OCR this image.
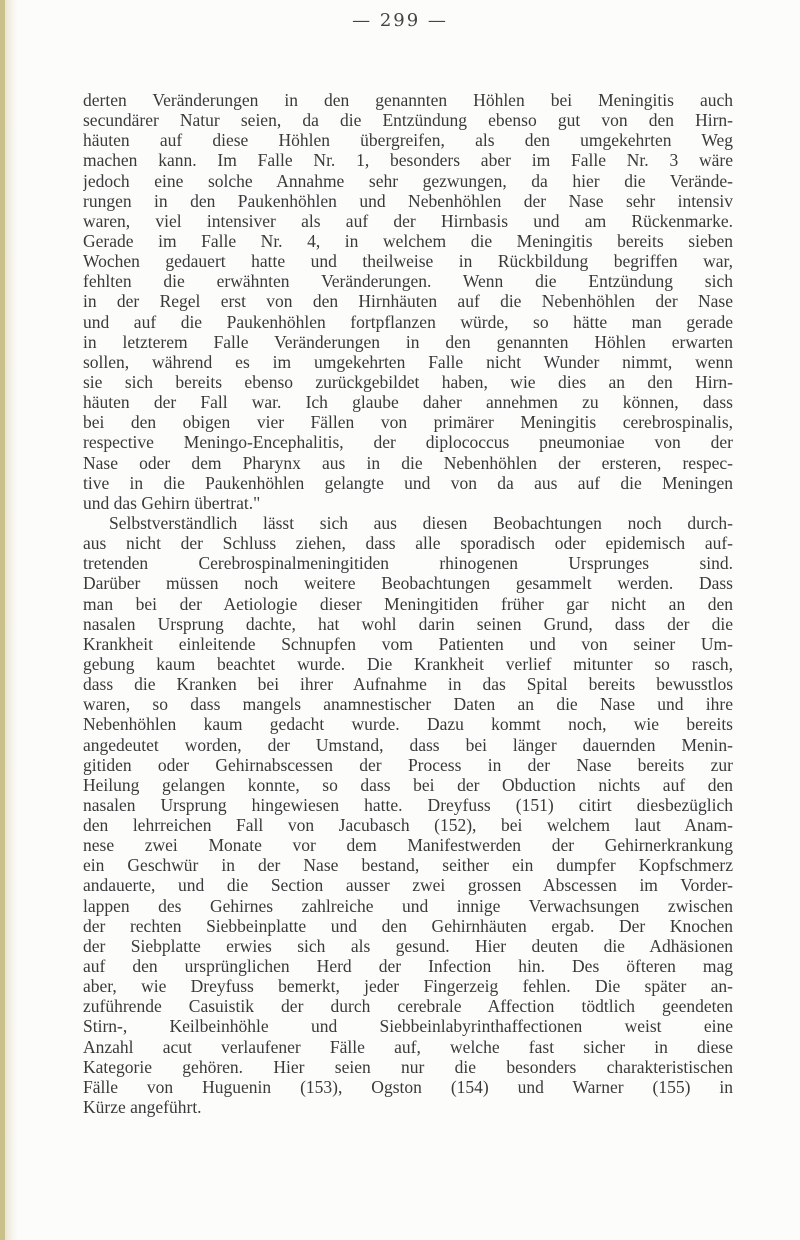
— 299 —

derten Veränderungen in den genannten Höhlen bei Meningitis auch
secundärer Natur seien, da die Entzündung ebenso gut von den Hirn-
häuten auf diese Höhlen übergreifen, als den umgekehrten Weg
machen kann. Im Falle Nr. 1, besonders aber im Falle Nr. 3 wäre
jedoch eine solche Annahme sehr gezwungen, da hier die Verände-
rungen in den Paukenhöhlen und Nebenhöhlen der Nase sehr intensiv
waren, viel intensiver als auf der Hirnbasis und am Rückenmarke.
Gerade im Falle Nr. 4, in welchem die Meningitis bereits sieben
Wochen gedauert hatte und theilweise in Rückbildung begriffen war,
fehlten die erwähnten Veränderungen. Wenn die Entzündung sich
in der Regel erst von den Hirnhäuten auf die Nebenhöhlen der Nase
und auf die Paukenhöhlen fortpflanzen würde, so hätte man gerade
in letzterem Falle Veränderungen in den genannten Höhlen erwarten
sollen, während es im umgekehrten Falle nicht Wunder nimmt, wenn
sie sich bereits ebenso zurückgebildet haben, wie dies an den Hirn-
häuten der Fall war. Ich glaube daher annehmen zu können, dass
bei den obigen vier Fällen von primärer Meningitis cerebrospinalis,
respective Meningo-Encephalitis, der diplococcus pneumoniae von der
Nase oder dem Pharynx aus in die Nebenhöhlen der ersteren, respec-
tive in die Paukenhöhlen gelangte und von da aus auf die Meningen
und das Gehirn übertrat."
Selbstverständlich lässt sich aus diesen Beobachtungen noch durch-
aus nicht der Schluss ziehen, dass alle sporadisch oder epidemisch auf-
tretenden Cerebrospinalmeningitiden rhinogenen Ursprunges sind.
Darüber müssen noch weitere Beobachtungen gesammelt werden. Dass
man bei der Aetiologie dieser Meningitiden früher gar nicht an den
nasalen Ursprung dachte, hat wohl darin seinen Grund, dass der die
Krankheit einleitende Schnupfen vom Patienten und von seiner Um-
gebung kaum beachtet wurde. Die Krankheit verlief mitunter so rasch,
dass die Kranken bei ihrer Aufnahme in das Spital bereits bewusstlos
waren, so dass mangels anamnestischer Daten an die Nase und ihre
Nebenhöhlen kaum gedacht wurde. Dazu kommt noch, wie bereits
angedeutet worden, der Umstand, dass bei länger dauernden Menin-
gitiden oder Gehirnabscessen der Process in der Nase bereits zur
Heilung gelangen konnte, so dass bei der Obduction nichts auf den
nasalen Ursprung hingewiesen hatte. Dreyfuss (151) citirt diesbezüglich
den lehrreichen Fall von Jacubasch (152), bei welchem laut Anam-
nese zwei Monate vor dem Manifestwerden der Gehirnerkrankung
ein Geschwür in der Nase bestand, seither ein dumpfer Kopfschmerz
andauerte, und die Section ausser zwei grossen Abscessen im Vorder-
lappen des Gehirnes zahlreiche und innige Verwachsungen zwischen
der rechten Siebbeinplatte und den Gehirnhäuten ergab. Der Knochen
der Siebplatte erwies sich als gesund. Hier deuten die Adhäsionen
auf den ursprünglichen Herd der Infection hin. Des öfteren mag
aber, wie Dreyfuss bemerkt, jeder Fingerzeig fehlen. Die später an-
zuführende Casuistik der durch cerebrale Affection tödtlich geendeten
Stirn-, Keilbeinhöhle und Siebbeinlabyrinthaffectionen weist eine
Anzahl acut verlaufener Fälle auf, welche fast sicher in diese
Kategorie gehören. Hier seien nur die besonders charakteristischen
Fälle von Huguenin (153), Ogston (154) und Warner (155) in
Kürze angeführt.
